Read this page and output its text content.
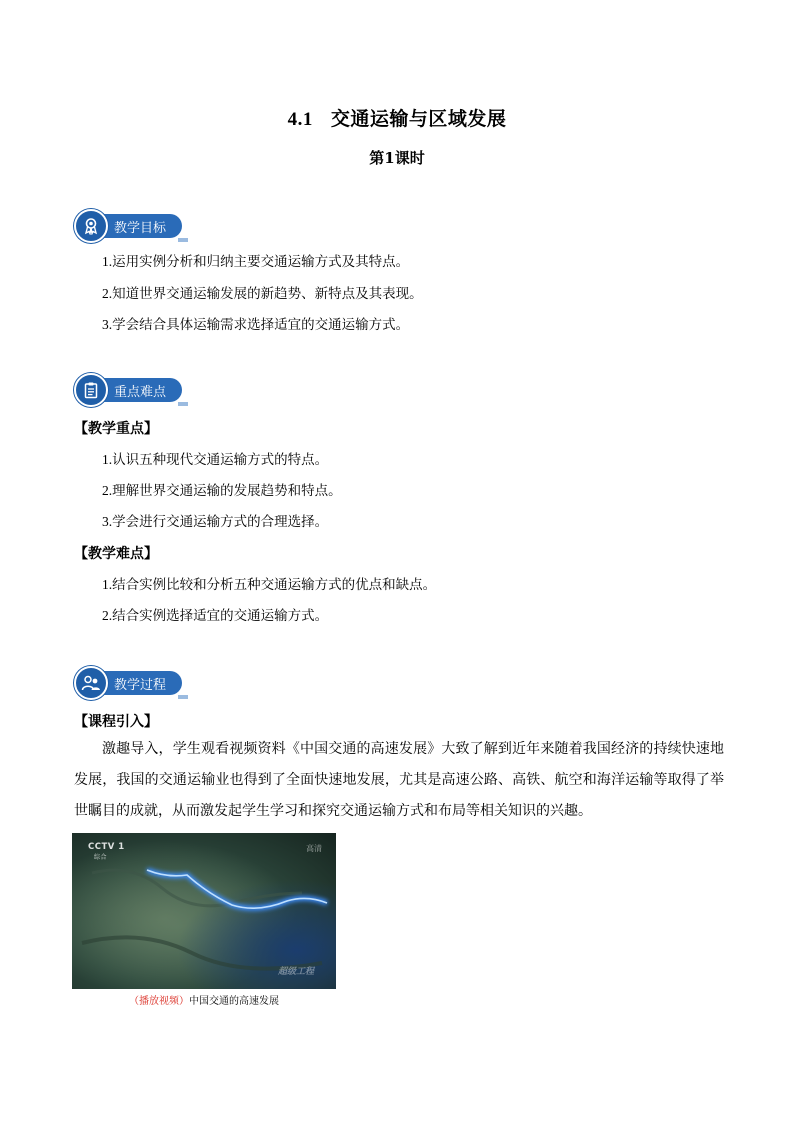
4.1 交通运输与区域发展
第1课时
教学目标
1.运用实例分析和归纳主要交通运输方式及其特点。
2.知道世界交通运输发展的新趋势、新特点及其表现。
3.学会结合具体运输需求选择适宜的交通运输方式。
重点难点
【教学重点】
1.认识五种现代交通运输方式的特点。
2.理解世界交通运输的发展趋势和特点。
3.学会进行交通运输方式的合理选择。
【教学难点】
1.结合实例比较和分析五种交通运输方式的优点和缺点。
2.结合实例选择适宜的交通运输方式。
教学过程
【课程引入】
激趣导入，学生观看视频资料《中国交通的高速发展》大致了解到近年来随着我国经济的持续快速地发展，我国的交通运输业也得到了全面快速地发展，尤其是高速公路、高铁、航空和海洋运输等取得了举世瞩目的成就，从而激发起学生学习和探究交通运输方式和布局等相关知识的兴趣。
CCTV 1
综合
高清
超级工程
（播放视频）中国交通的高速发展
